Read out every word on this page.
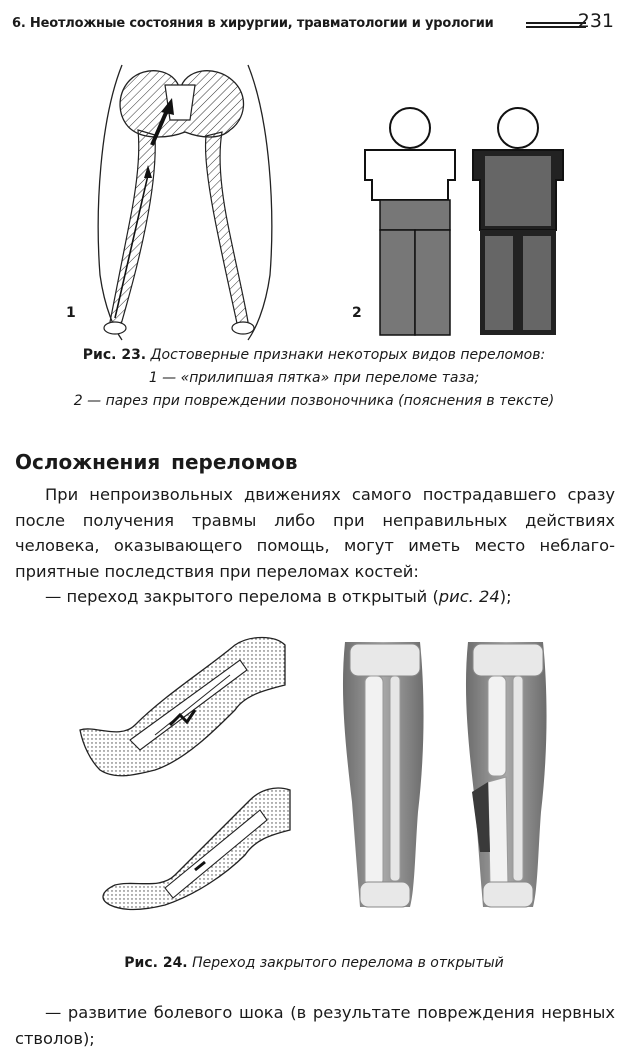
6. Неотложные состояния в хирургии, травматологии и урологии	231
1	2
Рис. 23. Достоверные признаки некоторых видов переломов:
1 — «прилипшая пятка» при переломе таза;
2 — парез при повреждении позвоночника (пояснения в тексте)
Осложнения переломов
При непроизвольных движениях самого пострадавшего сразу
после получения травмы либо при неправильных действиях
человека, оказывающего помощь, могут иметь место неблаго-
приятные последствия при переломах костей:
— переход закрытого перелома в открытый (рис. 24);
Рис. 24. Переход закрытого перелома в открытый
— развитие болевого шока (в результате повреждения нервных
стволов);
